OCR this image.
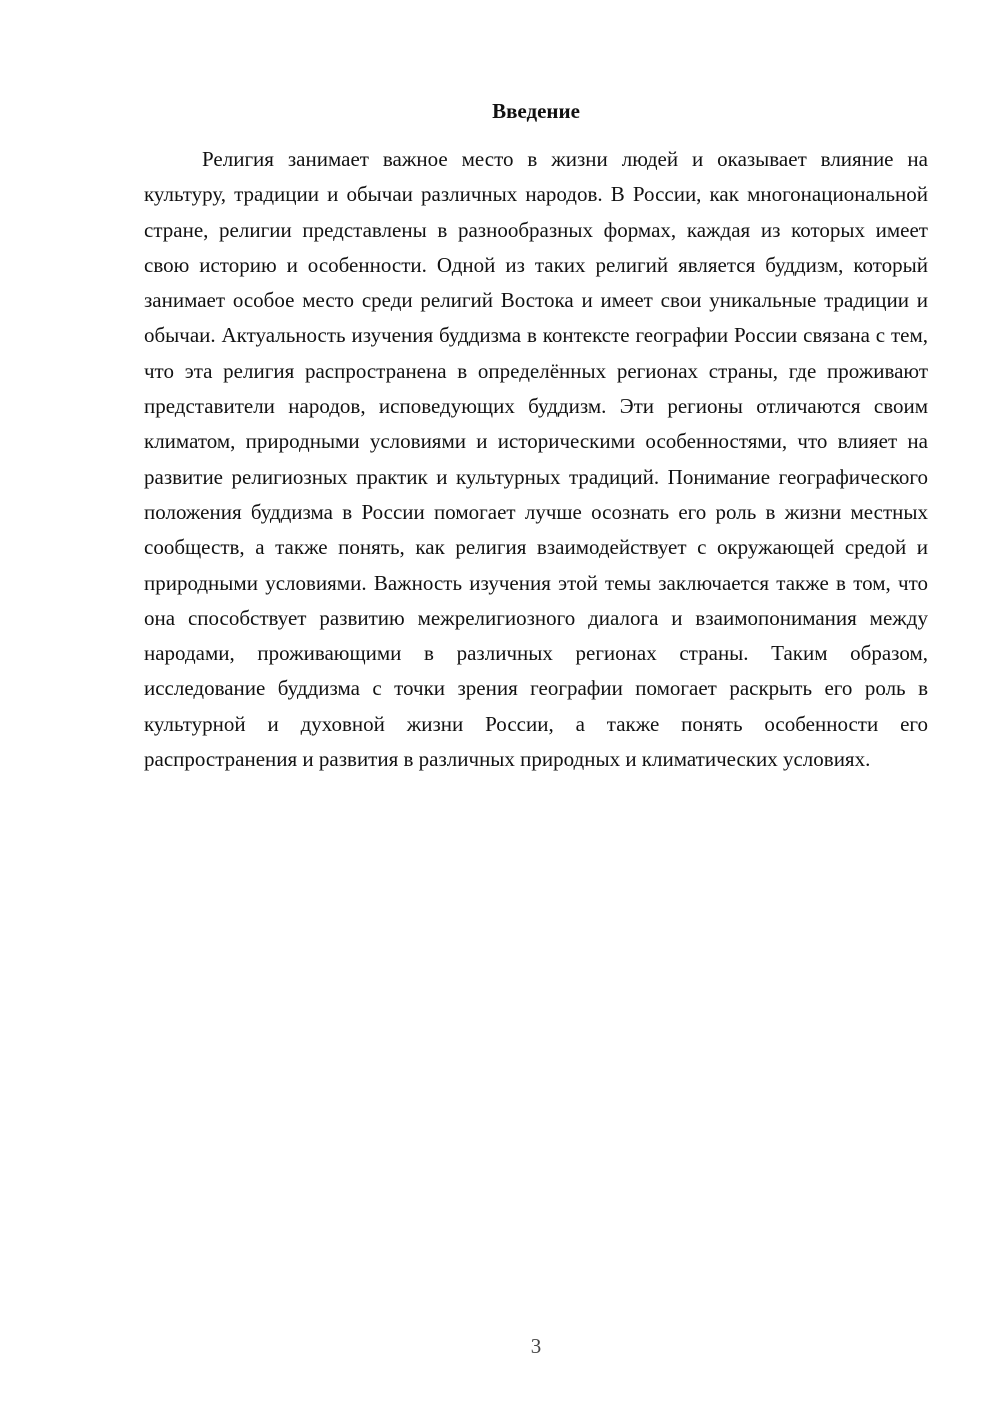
Введение

Религия занимает важное место в жизни людей и оказывает влияние на культуру, традиции и обычаи различных народов. В России, как многонациональной стране, религии представлены в разнообразных формах, каждая из которых имеет свою историю и особенности. Одной из таких религий является буддизм, который занимает особое место среди религий Востока и имеет свои уникальные традиции и обычаи. Актуальность изучения буддизма в контексте географии России связана с тем, что эта религия распространена в определённых регионах страны, где проживают представители народов, исповедующих буддизм. Эти регионы отличаются своим климатом, природными условиями и историческими особенностями, что влияет на развитие религиозных практик и культурных традиций. Понимание географического положения буддизма в России помогает лучше осознать его роль в жизни местных сообществ, а также понять, как религия взаимодействует с окружающей средой и природными условиями. Важность изучения этой темы заключается также в том, что она способствует развитию межрелигиозного диалога и взаимопонимания между народами, проживающими в различных регионах страны. Таким образом, исследование буддизма с точки зрения географии помогает раскрыть его роль в культурной и духовной жизни России, а также понять особенности его распространения и развития в различных природных и климатических условиях.

3
